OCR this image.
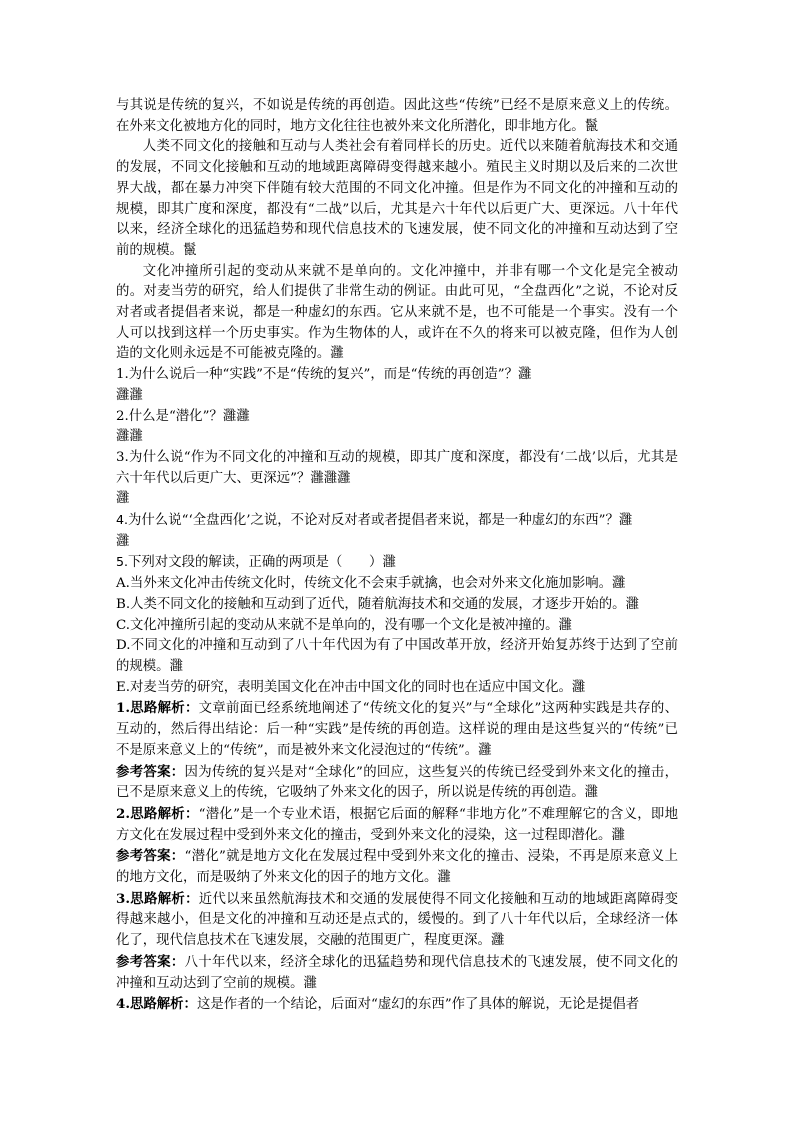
与其说是传统的复兴，不如说是传统的再创造。因此这些“传统”已经不是原来意义上的传统。在外来文化被地方化的同时，地方文化往往也被外来文化所潜化，即非地方化。鬣

人类不同文化的接触和互动与人类社会有着同样长的历史。近代以来随着航海技术和交通的发展，不同文化接触和互动的地域距离障碍变得越来越小。殖民主义时期以及后来的二次世界大战，都在暴力冲突下伴随有较大范围的不同文化冲撞。但是作为不同文化的冲撞和互动的规模，即其广度和深度，都没有“二战”以后，尤其是六十年代以后更广大、更深远。八十年代以来，经济全球化的迅猛趋势和现代信息技术的飞速发展，使不同文化的冲撞和互动达到了空前的规模。鬣

文化冲撞所引起的变动从来就不是单向的。文化冲撞中，并非有哪一个文化是完全被动的。对麦当劳的研究，给人们提供了非常生动的例证。由此可见，“全盘西化”之说，不论对反对者或者提倡者来说，都是一种虚幻的东西。它从来就不是，也不可能是一个事实。没有一个人可以找到这样一个历史事实。作为生物体的人，或许在不久的将来可以被克隆，但作为人创造的文化则永远是不可能被克隆的。灉

1.为什么说后一种“实践”不是“传统的复兴”，而是“传统的再创造”？灉

灉灉

2.什么是“潜化”？灉灉

灉灉

3.为什么说“作为不同文化的冲撞和互动的规模，即其广度和深度，都没有‘二战’以后，尤其是六十年代以后更广大、更深远”？灉灉灉

灉

4.为什么说“‘全盘西化’之说，不论对反对者或者提倡者来说，都是一种虚幻的东西”？灉

灉

5.下列对文段的解读，正确的两项是（　　）灉

A.当外来文化冲击传统文化时，传统文化不会束手就擒，也会对外来文化施加影响。灉

B.人类不同文化的接触和互动到了近代，随着航海技术和交通的发展，才逐步开始的。灉

C.文化冲撞所引起的变动从来就不是单向的，没有哪一个文化是被冲撞的。灉

D.不同文化的冲撞和互动到了八十年代因为有了中国改革开放，经济开始复苏终于达到了空前的规模。灉

E.对麦当劳的研究，表明美国文化在冲击中国文化的同时也在适应中国文化。灉

1.思路解析：文章前面已经系统地阐述了“传统文化的复兴”与“全球化”这两种实践是共存的、互动的，然后得出结论：后一种“实践”是传统的再创造。这样说的理由是这些复兴的“传统”已不是原来意义上的“传统”，而是被外来文化浸泡过的“传统”。灉

参考答案：因为传统的复兴是对“全球化”的回应，这些复兴的传统已经受到外来文化的撞击，已不是原来意义上的传统，它吸纳了外来文化的因子，所以说是传统的再创造。灉

2.思路解析：“潜化”是一个专业术语，根据它后面的解释“非地方化”不难理解它的含义，即地方文化在发展过程中受到外来文化的撞击，受到外来文化的浸染，这一过程即潜化。灉

参考答案：“潜化”就是地方文化在发展过程中受到外来文化的撞击、浸染，不再是原来意义上的地方文化，而是吸纳了外来文化的因子的地方文化。灉

3.思路解析：近代以来虽然航海技术和交通的发展使得不同文化接触和互动的地域距离障碍变得越来越小，但是文化的冲撞和互动还是点式的，缓慢的。到了八十年代以后，全球经济一体化了，现代信息技术在飞速发展，交融的范围更广，程度更深。灉

参考答案：八十年代以来，经济全球化的迅猛趋势和现代信息技术的飞速发展，使不同文化的冲撞和互动达到了空前的规模。灉

4.思路解析：这是作者的一个结论，后面对“虚幻的东西”作了具体的解说，无论是提倡者
